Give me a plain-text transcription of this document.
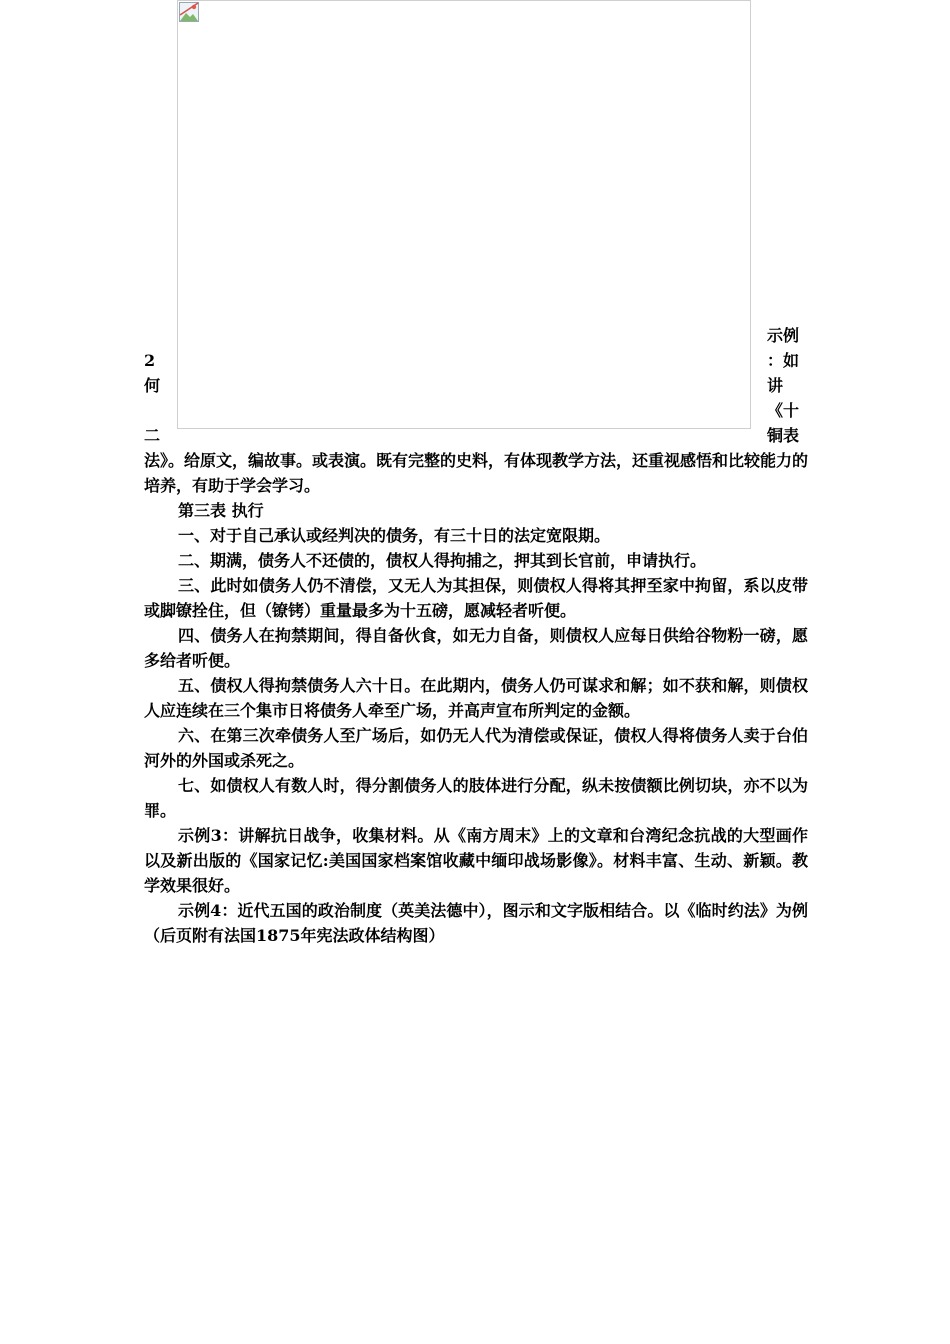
2
何
二
示例
：如
讲
《十
铜表

法》。给原文，编故事。或表演。既有完整的史料，有体现教学方法，还重视感悟和比较能力的培养，有助于学会学习。

第三表 执行

一、对于自己承认或经判决的债务，有三十日的法定宽限期。

二、期满，债务人不还债的，债权人得拘捕之，押其到长官前，申请执行。

三、此时如债务人仍不清偿，又无人为其担保，则债权人得将其押至家中拘留，系以皮带或脚镣拴住，但（镣铐）重量最多为十五磅，愿减轻者听便。

四、债务人在拘禁期间，得自备伙食，如无力自备，则债权人应每日供给谷物粉一磅，愿多给者听便。

五、债权人得拘禁债务人六十日。在此期内，债务人仍可谋求和解；如不获和解，则债权人应连续在三个集市日将债务人牵至广场，并高声宣布所判定的金额。

六、在第三次牵债务人至广场后，如仍无人代为清偿或保证，债权人得将债务人卖于台伯河外的外国或杀死之。

七、如债权人有数人时，得分割债务人的肢体进行分配，纵未按债额比例切块，亦不以为罪。

示例3：讲解抗日战争，收集材料。从《南方周末》上的文章和台湾纪念抗战的大型画作以及新出版的《国家记忆:美国国家档案馆收藏中缅印战场影像》。材料丰富、生动、新颖。教学效果很好。

示例4：近代五国的政治制度（英美法德中），图示和文字版相结合。以《临时约法》为例（后页附有法国1875年宪法政体结构图）
